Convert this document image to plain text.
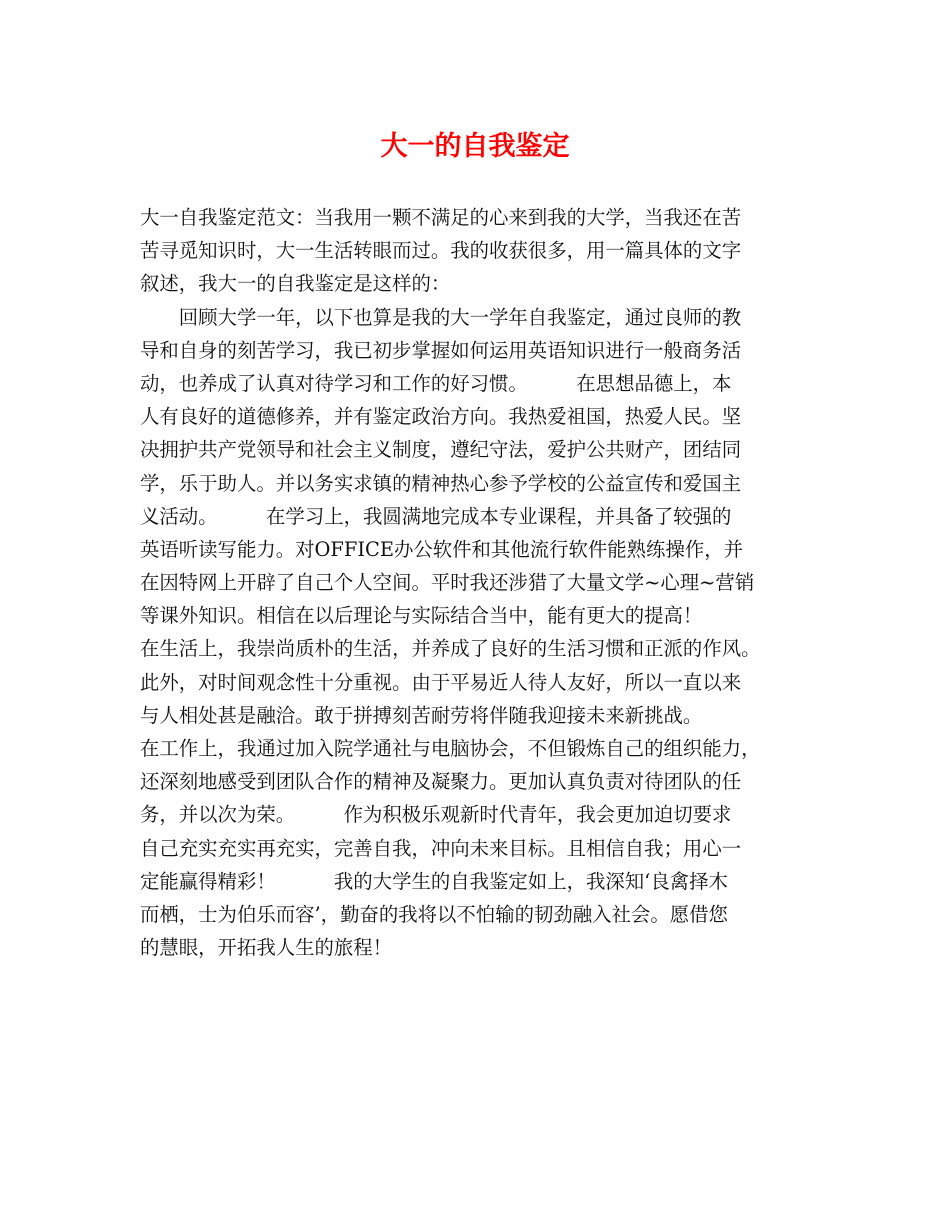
大一的自我鉴定
大一自我鉴定范文：当我用一颗不满足的心来到我的大学，当我还在苦
苦寻觅知识时，大一生活转眼而过。我的收获很多，用一篇具体的文字
叙述，我大一的自我鉴定是这样的：
　　回顾大学一年，以下也算是我的大一学年自我鉴定，通过良师的教
导和自身的刻苦学习，我已初步掌握如何运用英语知识进行一般商务活
动，也养成了认真对待学习和工作的好习惯。　　　在思想品德上，本
人有良好的道德修养，并有鉴定政治方向。我热爱祖国，热爱人民。坚
决拥护共产党领导和社会主义制度，遵纪守法，爱护公共财产，团结同
学，乐于助人。并以务实求镇的精神热心参予学校的公益宣传和爱国主
义活动。　　　在学习上，我圆满地完成本专业课程，并具备了较强的
英语听读写能力。对OFFICE办公软件和其他流行软件能熟练操作，并
在因特网上开辟了自己个人空间。平时我还涉猎了大量文学~心理~营销
等课外知识。相信在以后理论与实际结合当中，能有更大的提高！
在生活上，我崇尚质朴的生活，并养成了良好的生活习惯和正派的作风。
此外，对时间观念性十分重视。由于平易近人待人友好，所以一直以来
与人相处甚是融洽。敢于拼搏刻苦耐劳将伴随我迎接未来新挑战。
在工作上，我通过加入院学通社与电脑协会，不但锻炼自己的组织能力，
还深刻地感受到团队合作的精神及凝聚力。更加认真负责对待团队的任
务，并以次为荣。　　　作为积极乐观新时代青年，我会更加迫切要求
自己充实充实再充实，完善自我，冲向未来目标。且相信自我；用心一
定能赢得精彩！　　　我的大学生的自我鉴定如上，我深知‘良禽择木
而栖，士为伯乐而容’，勤奋的我将以不怕输的韧劲融入社会。愿借您
的慧眼，开拓我人生的旅程！
